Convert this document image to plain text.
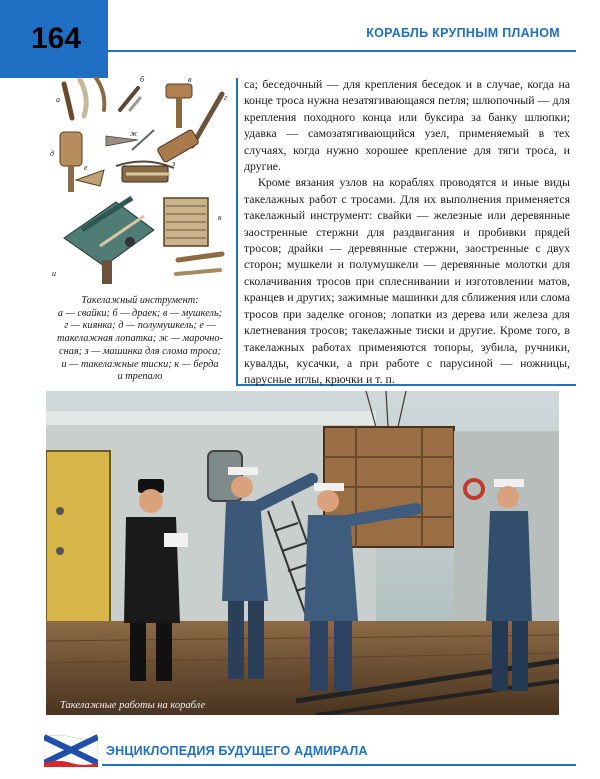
164	КОРАБЛЬ КРУПНЫМ ПЛАНОМ
а
б	в
г
д
ж
е	з
и
к
Такелажный инструмент:
а — свайки; б — драек; в — мушкель;
г — киянка; д — полумушкель; е —
такелажная лопатка; ж — марочно-
сная; з — машинка для слома троса;
и — такелажные тиски; к — берда
и трепало

са; беседочный — для крепления беседок и в случае, когда на конце троса нужна незатягивающаяся петля; шлюпочный — для крепления походного конца или буксира за банку шлюпки; удавка — самозатягивающийся узел, применяемый в тех случаях, когда нужно хорошее крепление для тяги троса, и другие.

Кроме вязания узлов на кораблях проводятся и иные виды такелажных работ с тросами. Для их выполнения применяется такелажный инструмент: свайки — железные или деревянные заостренные стержни для раздвигания и пробивки прядей тросов; драйки — деревянные стержни, заостренные с двух сторон; мушкели и полумушкели — деревянные молотки для сколачивания тросов при сплеснивании и изготовлении матов, кранцев и других; зажимные машинки для сближения или слома тросов при заделке огонов; лопатки из дерева или железа для клетневания тросов; такелажные тиски и другие. Кроме того, в такелажных работах применяются топоры, зубила, ручники, кувалды, кусачки, а при работе с парусиной — ножницы, парусные иглы, крючки и т. п.

Такелажные работы на корабле
ЭНЦИКЛОПЕДИЯ БУДУЩЕГО АДМИРАЛА
